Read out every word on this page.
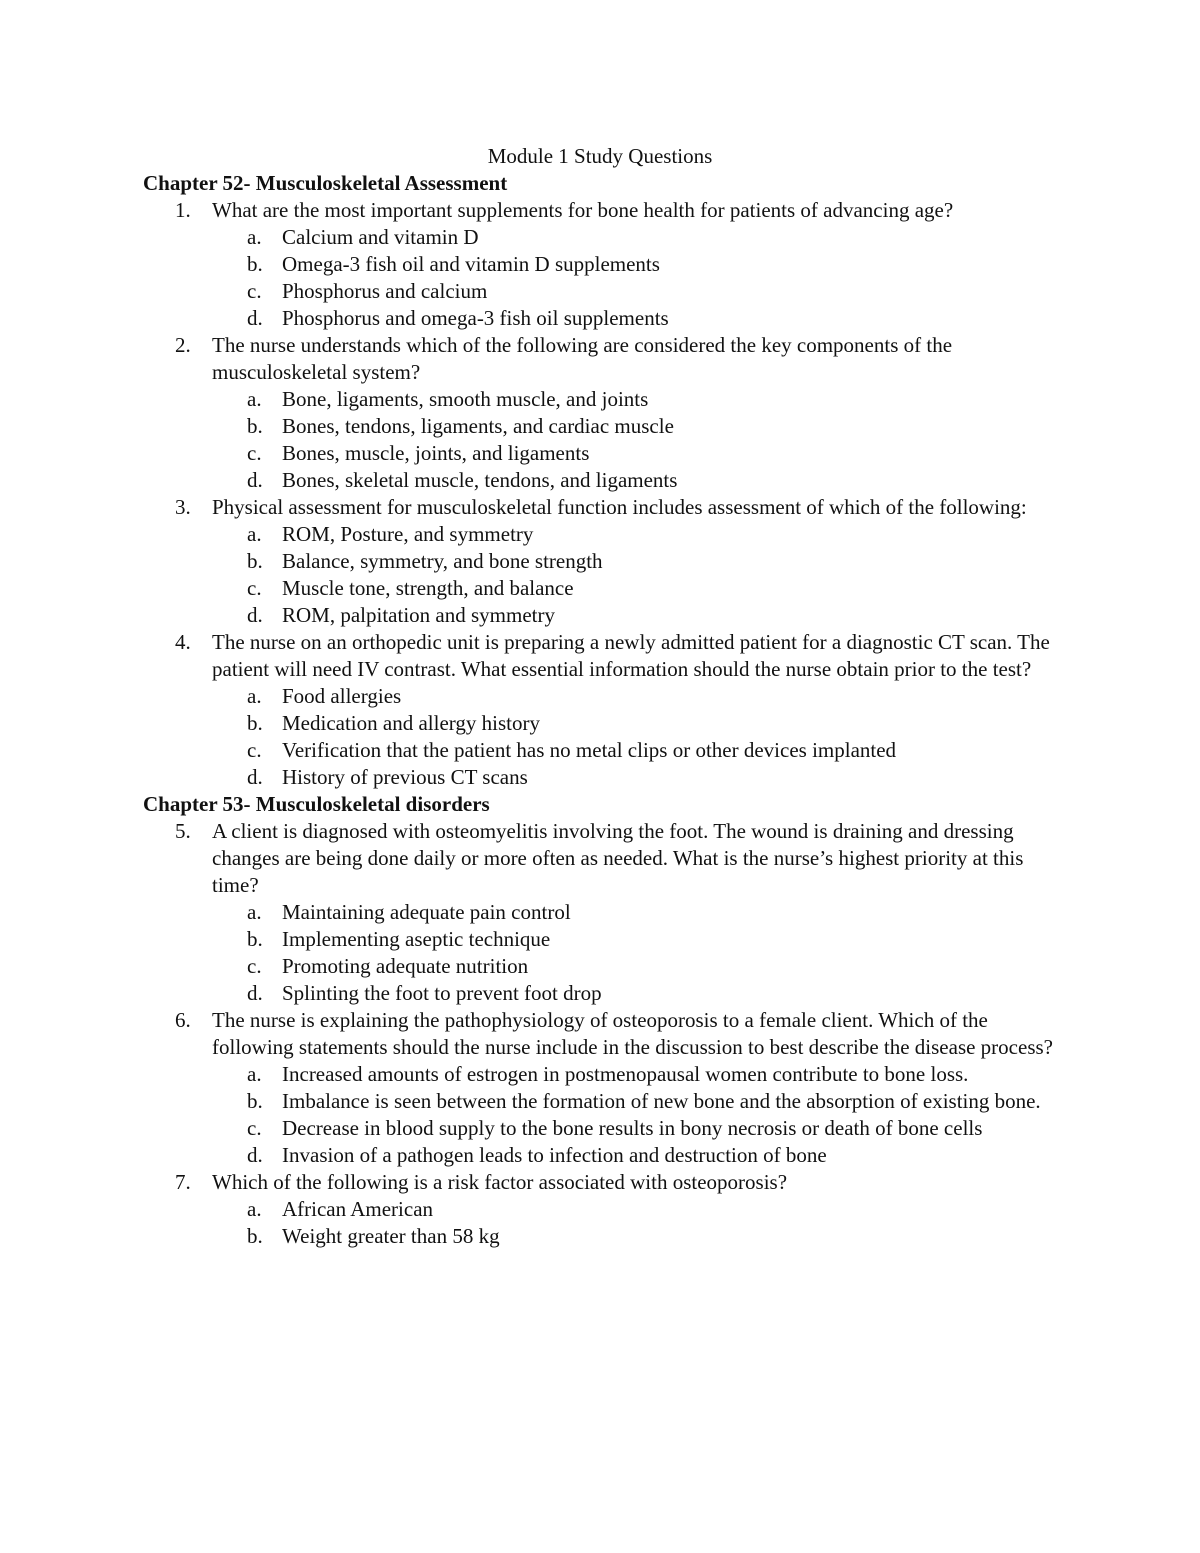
Module 1 Study Questions
Chapter 52- Musculoskeletal Assessment
1. What are the most important supplements for bone health for patients of advancing age?
a. Calcium and vitamin D
b. Omega-3 fish oil and vitamin D supplements
c. Phosphorus and calcium
d. Phosphorus and omega-3 fish oil supplements
2. The nurse understands which of the following are considered the key components of the musculoskeletal system?
a. Bone, ligaments, smooth muscle, and joints
b. Bones, tendons, ligaments, and cardiac muscle
c. Bones, muscle, joints, and ligaments
d. Bones, skeletal muscle, tendons, and ligaments
3. Physical assessment for musculoskeletal function includes assessment of which of the following:
a. ROM, Posture, and symmetry
b. Balance, symmetry, and bone strength
c. Muscle tone, strength, and balance
d. ROM, palpitation and symmetry
4. The nurse on an orthopedic unit is preparing a newly admitted patient for a diagnostic CT scan. The patient will need IV contrast. What essential information should the nurse obtain prior to the test?
a. Food allergies
b. Medication and allergy history
c. Verification that the patient has no metal clips or other devices implanted
d. History of previous CT scans
Chapter 53- Musculoskeletal disorders
5. A client is diagnosed with osteomyelitis involving the foot. The wound is draining and dressing changes are being done daily or more often as needed. What is the nurse’s highest priority at this time?
a. Maintaining adequate pain control
b. Implementing aseptic technique
c. Promoting adequate nutrition
d. Splinting the foot to prevent foot drop
6. The nurse is explaining the pathophysiology of osteoporosis to a female client. Which of the following statements should the nurse include in the discussion to best describe the disease process?
a. Increased amounts of estrogen in postmenopausal women contribute to bone loss.
b. Imbalance is seen between the formation of new bone and the absorption of existing bone.
c. Decrease in blood supply to the bone results in bony necrosis or death of bone cells
d. Invasion of a pathogen leads to infection and destruction of bone
7. Which of the following is a risk factor associated with osteoporosis?
a. African American
b. Weight greater than 58 kg
